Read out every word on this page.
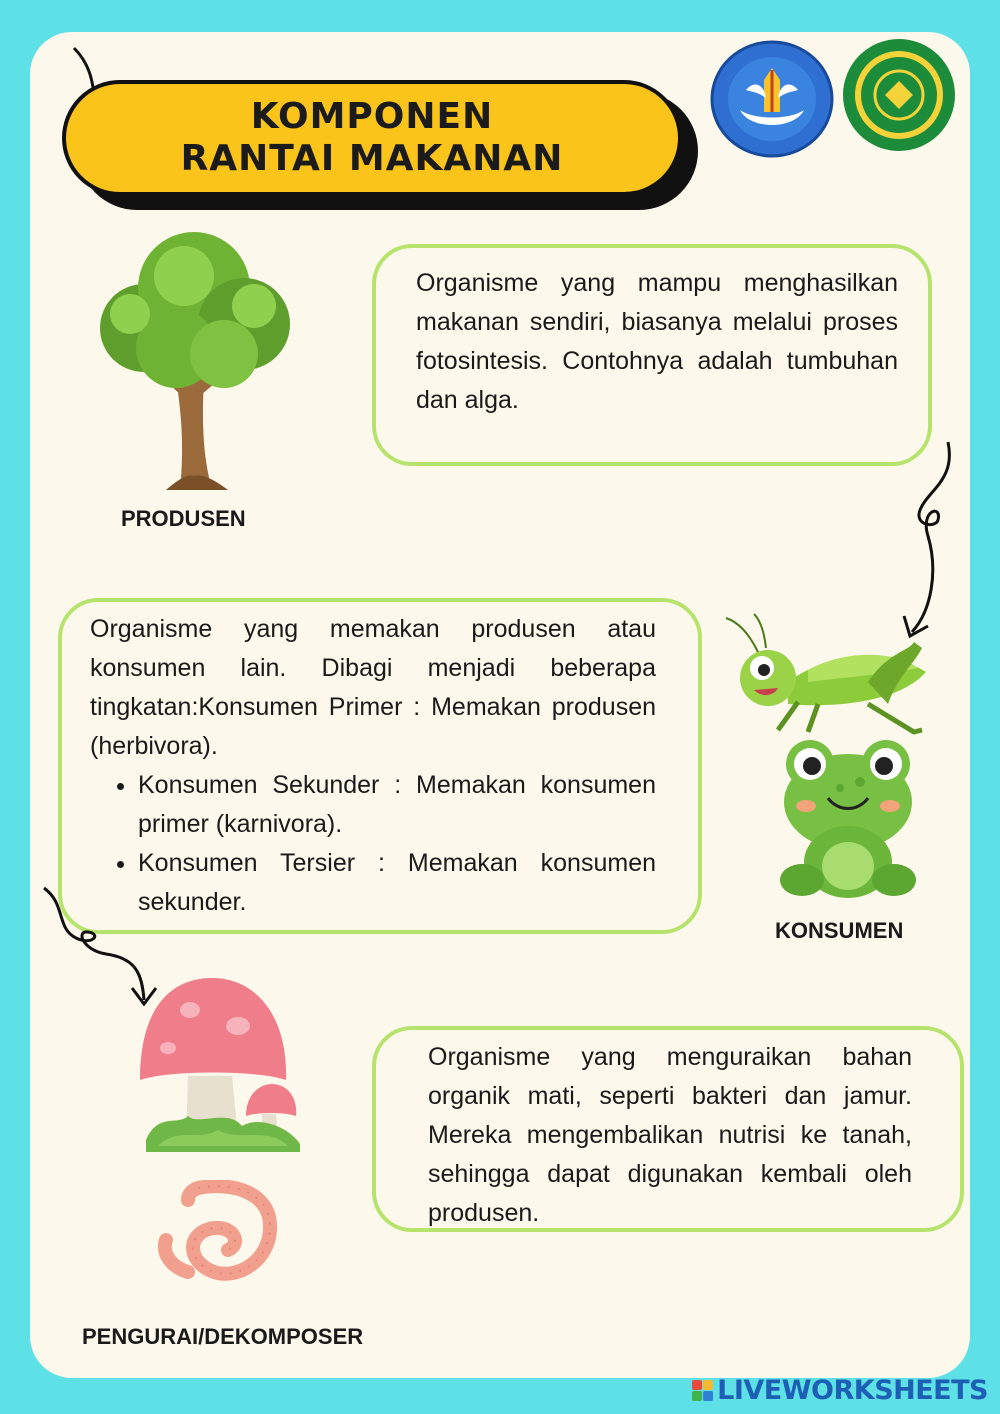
KOMPONEN
RANTAI MAKANAN
PRODUSEN

Organisme yang mampu menghasilkan makanan sendiri, biasanya melalui proses fotosintesis. Contohnya adalah tumbuhan dan alga.

Organisme yang memakan produsen atau konsumen lain. Dibagi menjadi beberapa tingkatan:Konsumen Primer : Memakan produsen (herbivora).

• Konsumen Sekunder : Memakan konsumen primer (karnivora).
• Konsumen Tersier : Memakan konsumen sekunder.
KONSUMEN
PENGURAI/DEKOMPOSER

Organisme yang menguraikan bahan organik mati, seperti bakteri dan jamur. Mereka mengembalikan nutrisi ke tanah, sehingga dapat digunakan kembali oleh produsen.

LIVEWORKSHEETS
